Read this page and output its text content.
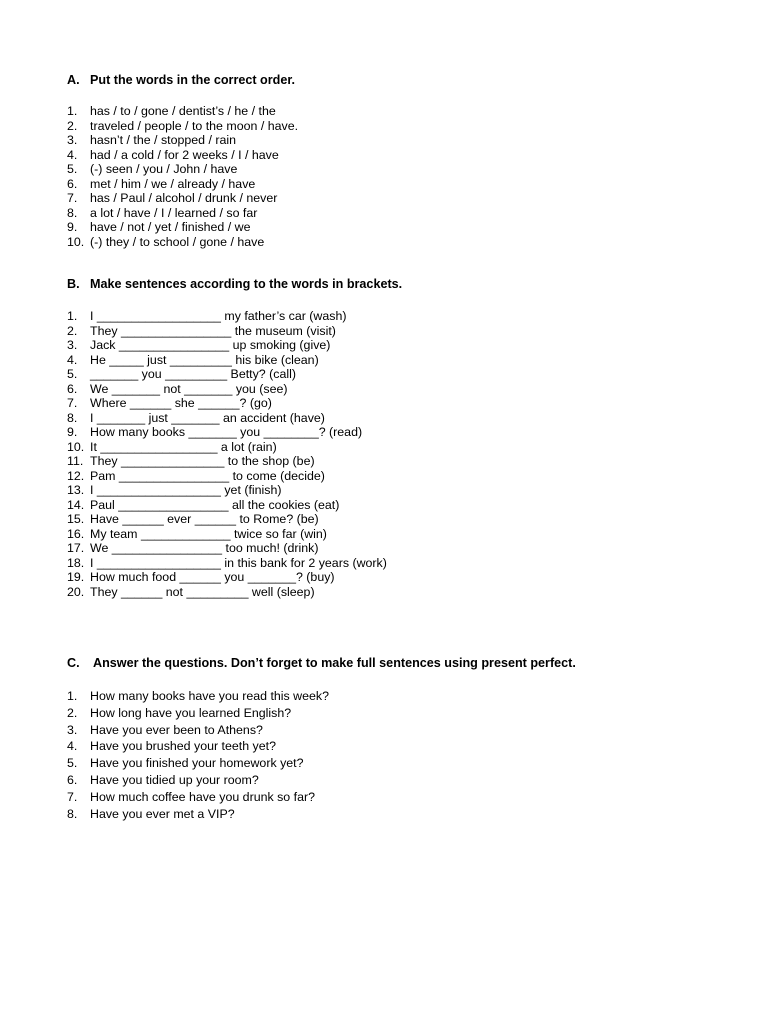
A. Put the words in the correct order.
1. has / to / gone / dentist’s / he / the
2. traveled / people / to the moon / have.
3. hasn’t / the / stopped / rain
4. had / a cold / for 2 weeks / I / have
5. (-) seen / you / John / have
6. met / him / we / already / have
7. has / Paul / alcohol / drunk / never
8. a lot / have / I / learned / so far
9. have / not / yet / finished / we
10. (-) they / to school / gone / have
B. Make sentences according to the words in brackets.
1. I __________________ my father’s car (wash)
2. They ________________ the museum (visit)
3. Jack ________________ up smoking (give)
4. He _____ just _________ his bike (clean)
5. _______ you _________ Betty? (call)
6. We _______ not _______ you (see)
7. Where ______ she ______? (go)
8. I _______ just _______ an accident (have)
9. How many books _______ you ________? (read)
10. It _________________ a lot (rain)
11. They _______________ to the shop (be)
12. Pam ________________ to come (decide)
13. I __________________ yet (finish)
14. Paul ________________ all the cookies (eat)
15. Have ______ ever ______ to Rome? (be)
16. My team _____________ twice so far (win)
17. We ________________ too much! (drink)
18. I __________________ in this bank for 2 years (work)
19. How much food ______ you _______? (buy)
20. They ______ not _________ well (sleep)
C. Answer the questions. Don’t forget to make full sentences using present perfect.
1. How many books have you read this week?
2. How long have you learned English?
3. Have you ever been to Athens?
4. Have you brushed your teeth yet?
5. Have you finished your homework yet?
6. Have you tidied up your room?
7. How much coffee have you drunk so far?
8. Have you ever met a VIP?
